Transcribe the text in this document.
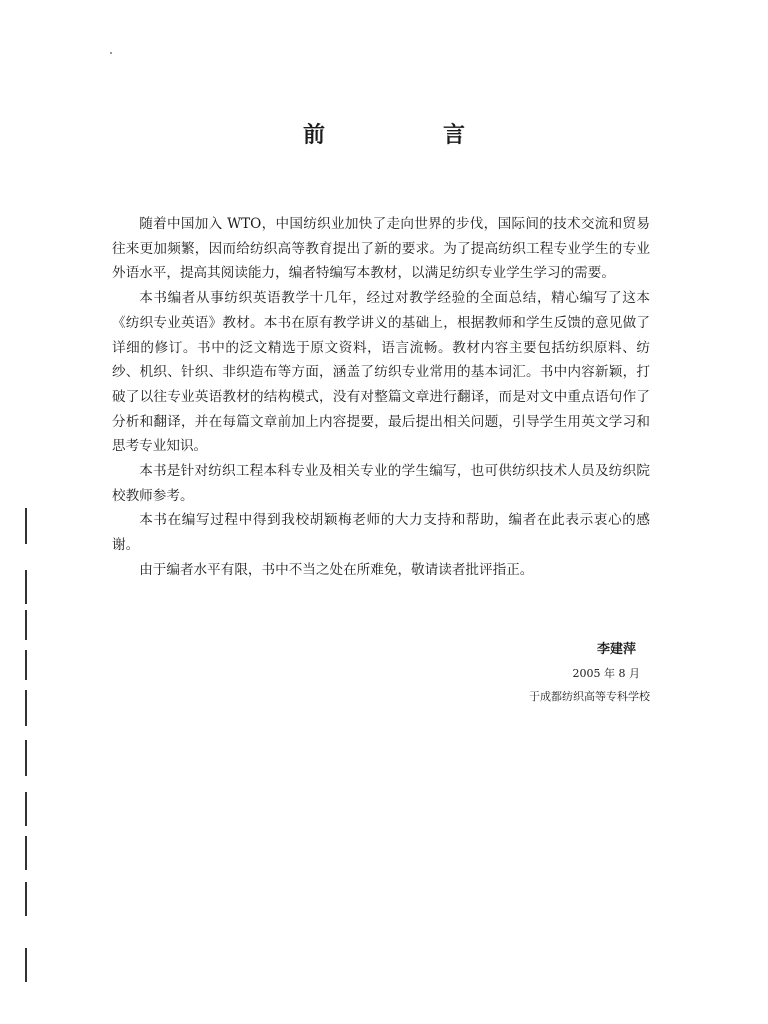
前　言

随着中国加入 WTO，中国纺织业加快了走向世界的步伐，国际间的技术交流和贸易往来更加频繁，因而给纺织高等教育提出了新的要求。为了提高纺织工程专业学生的专业外语水平，提高其阅读能力，编者特编写本教材，以满足纺织专业学生学习的需要。

本书编者从事纺织英语教学十几年，经过对教学经验的全面总结，精心编写了这本《纺织专业英语》教材。本书在原有教学讲义的基础上，根据教师和学生反馈的意见做了详细的修订。书中的泛文精选于原文资料，语言流畅。教材内容主要包括纺织原料、纺纱、机织、针织、非织造布等方面，涵盖了纺织专业常用的基本词汇。书中内容新颖，打破了以往专业英语教材的结构模式，没有对整篇文章进行翻译，而是对文中重点语句作了分析和翻译，并在每篇文章前加上内容提要，最后提出相关问题，引导学生用英文学习和思考专业知识。

本书是针对纺织工程本科专业及相关专业的学生编写，也可供纺织技术人员及纺织院校教师参考。

本书在编写过程中得到我校胡颖梅老师的大力支持和帮助，编者在此表示衷心的感谢。

由于编者水平有限，书中不当之处在所难免，敬请读者批评指正。

李建萍
2005 年 8 月
于成都纺织高等专科学校
